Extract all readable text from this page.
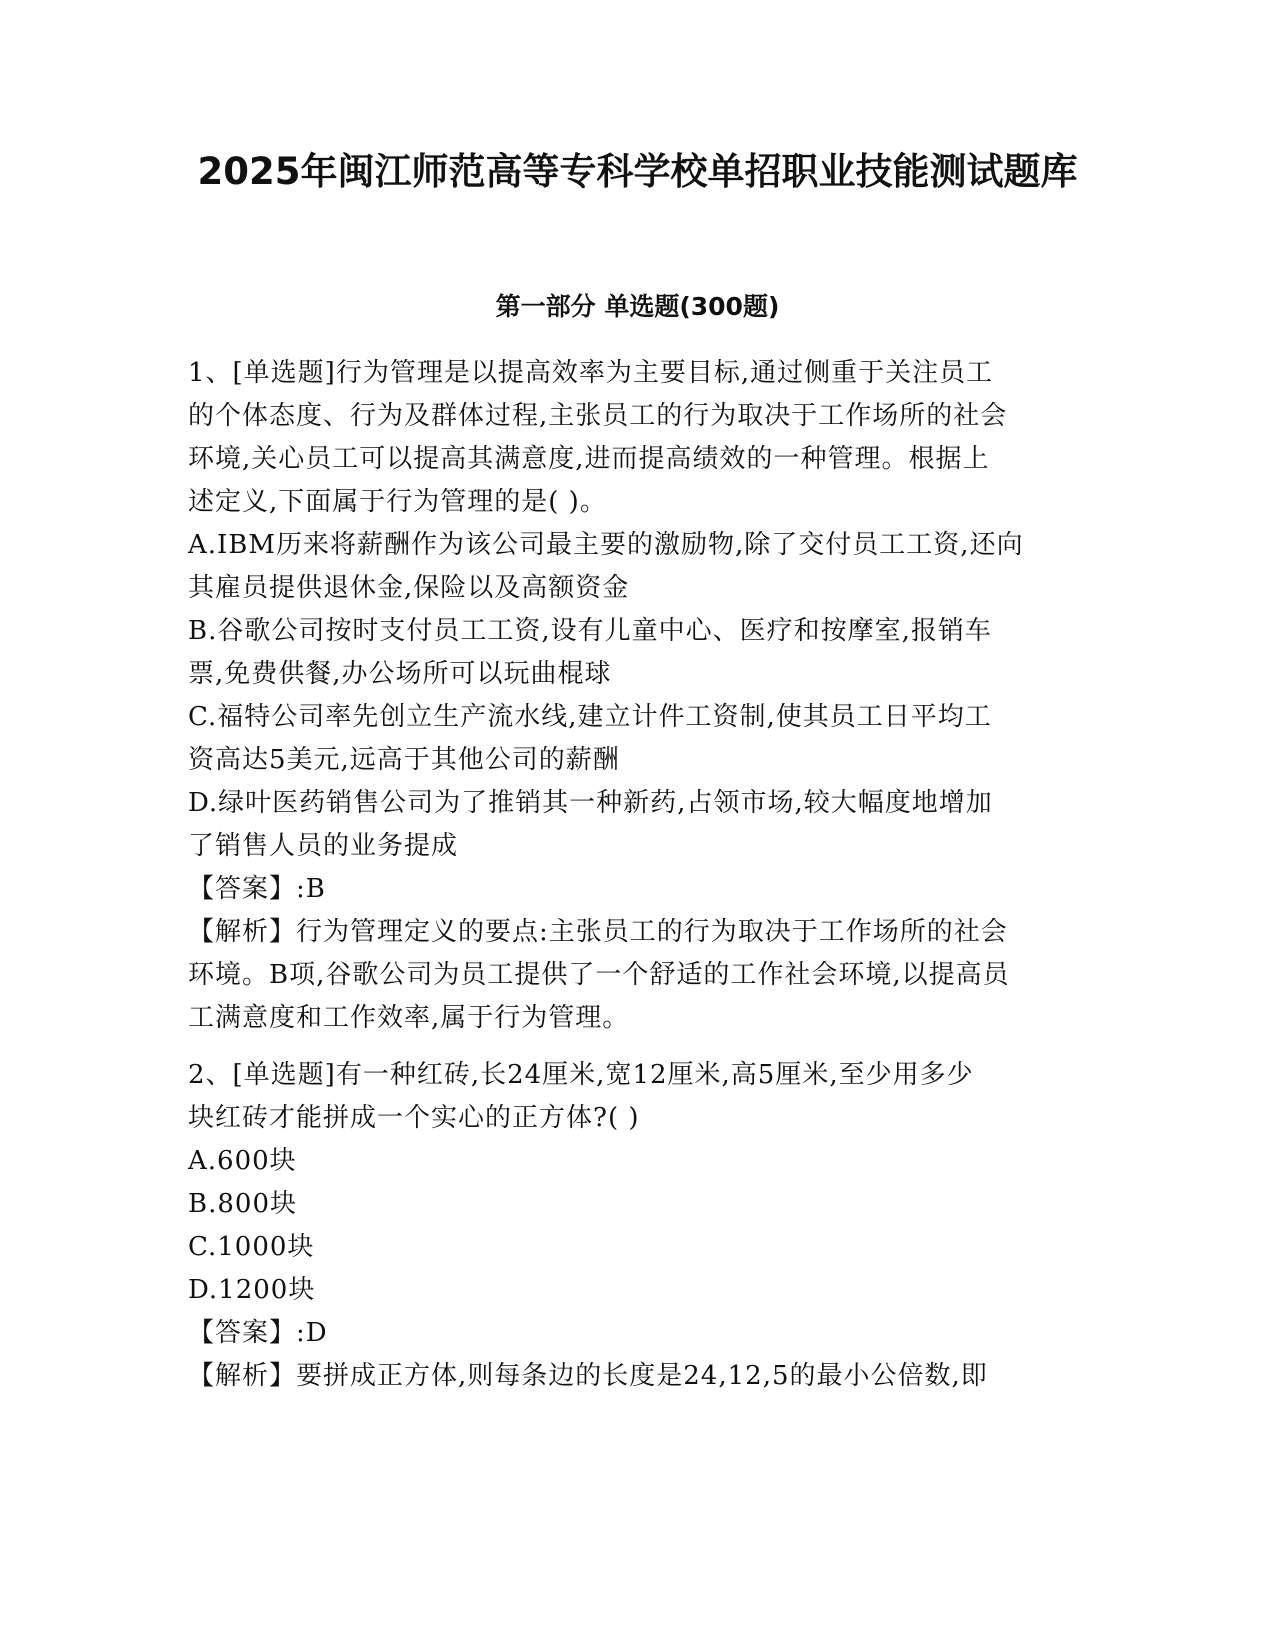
2025年闽江师范高等专科学校单招职业技能测试题库
第一部分 单选题(300题)
1、[单选题]行为管理是以提高效率为主要目标,通过侧重于关注员工
的个体态度、行为及群体过程,主张员工的行为取决于工作场所的社会
环境,关心员工可以提高其满意度,进而提高绩效的一种管理。根据上
述定义,下面属于行为管理的是( )。
A.IBM历来将薪酬作为该公司最主要的激励物,除了交付员工工资,还向
其雇员提供退休金,保险以及高额资金
B.谷歌公司按时支付员工工资,设有儿童中心、医疗和按摩室,报销车
票,免费供餐,办公场所可以玩曲棍球
C.福特公司率先创立生产流水线,建立计件工资制,使其员工日平均工
资高达5美元,远高于其他公司的薪酬
D.绿叶医药销售公司为了推销其一种新药,占领市场,较大幅度地增加
了销售人员的业务提成
【答案】:B
【解析】行为管理定义的要点:主张员工的行为取决于工作场所的社会
环境。B项,谷歌公司为员工提供了一个舒适的工作社会环境,以提高员
工满意度和工作效率,属于行为管理。
2、[单选题]有一种红砖,长24厘米,宽12厘米,高5厘米,至少用多少
块红砖才能拼成一个实心的正方体?( )
A.600块
B.800块
C.1000块
D.1200块
【答案】:D
【解析】要拼成正方体,则每条边的长度是24,12,5的最小公倍数,即
